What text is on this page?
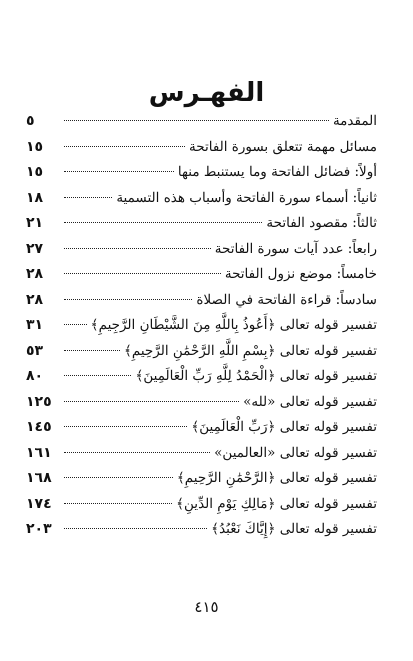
الفهـرس
المقدمة
٥
مسائل مهمة تتعلق بسورة الفاتحة
١٥
أولاً: فضائل الفاتحة وما يستنبط منها
١٥
ثانياً: أسماء سورة الفاتحة وأسباب هذه التسمية
١٨
ثالثاً: مقصود الفاتحة
٢١
رابعاً: عدد آيات سورة الفاتحة
٢٧
خامساً: موضع نزول الفاتحة
٢٨
سادساً: قراءة الفاتحة في الصلاة
٢٨
تفسير قوله تعالى ﴿أَعُوذُ بِاللَّهِ مِنَ الشَّيْطَانِ الرَّجِيمِ﴾
٣١
تفسير قوله تعالى ﴿بِسْمِ اللَّهِ الرَّحْمَٰنِ الرَّحِيمِ﴾
٥٣
تفسير قوله تعالى ﴿الْحَمْدُ لِلَّهِ رَبِّ الْعَالَمِينَ﴾
٨٠
تفسير قوله تعالى «لله»
١٢٥
تفسير قوله تعالى ﴿رَبِّ الْعَالَمِينَ﴾
١٤٥
تفسير قوله تعالى «العالمين»
١٦١
تفسير قوله تعالى ﴿الرَّحْمَٰنِ الرَّحِيمِ﴾
١٦٨
تفسير قوله تعالى ﴿مَالِكِ يَوْمِ الدِّينِ﴾
١٧٤
تفسير قوله تعالى ﴿إِيَّاكَ نَعْبُدُ﴾
٢٠٣
٤١٥
